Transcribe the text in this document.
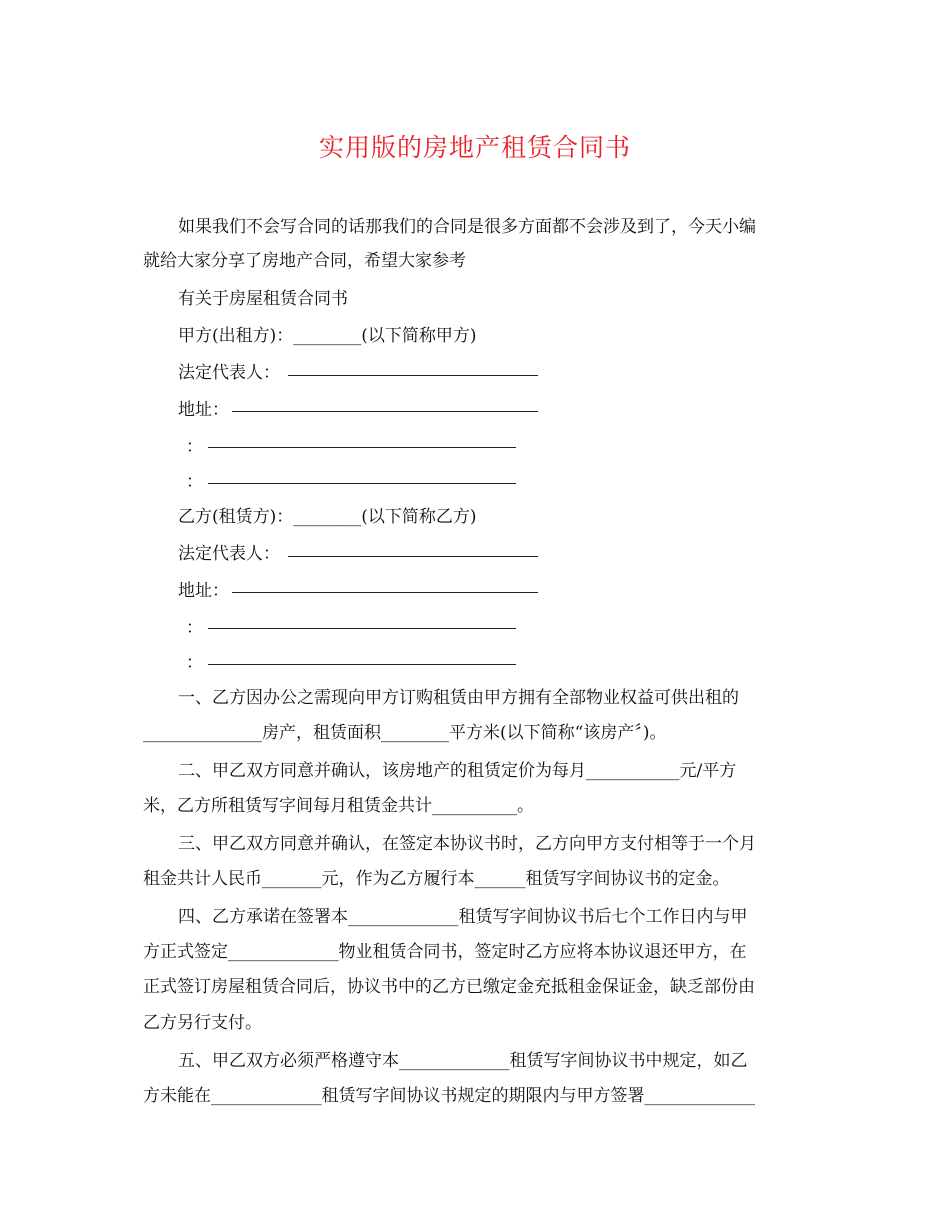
实用版的房地产租赁合同书
如果我们不会写合同的话那我们的合同是很多方面都不会涉及到了，今天小编
就给大家分享了房地产合同，希望大家参考
有关于房屋租赁合同书
甲方(出租方)：________(以下简称甲方)
法定代表人：
地址：
：
：
乙方(租赁方)：________(以下简称乙方)
法定代表人：
地址：
：
：
一、乙方因办公之需现向甲方订购租赁由甲方拥有全部物业权益可供出租的
______________房产，租赁面积________平方米(以下简称“该房产〞)。
二、甲乙双方同意并确认，该房地产的租赁定价为每月___________元/平方
米，乙方所租赁写字间每月租赁金共计__________。
三、甲乙双方同意并确认，在签定本协议书时，乙方向甲方支付相等于一个月
租金共计人民币_______元，作为乙方履行本______租赁写字间协议书的定金。
四、乙方承诺在签署本_____________租赁写字间协议书后七个工作日内与甲
方正式签定_____________物业租赁合同书，签定时乙方应将本协议退还甲方，在
正式签订房屋租赁合同后，协议书中的乙方已缴定金充抵租金保证金，缺乏部份由
乙方另行支付。
五、甲乙双方必须严格遵守本_____________租赁写字间协议书中规定，如乙
方未能在_____________租赁写字间协议书规定的期限内与甲方签署_____________
